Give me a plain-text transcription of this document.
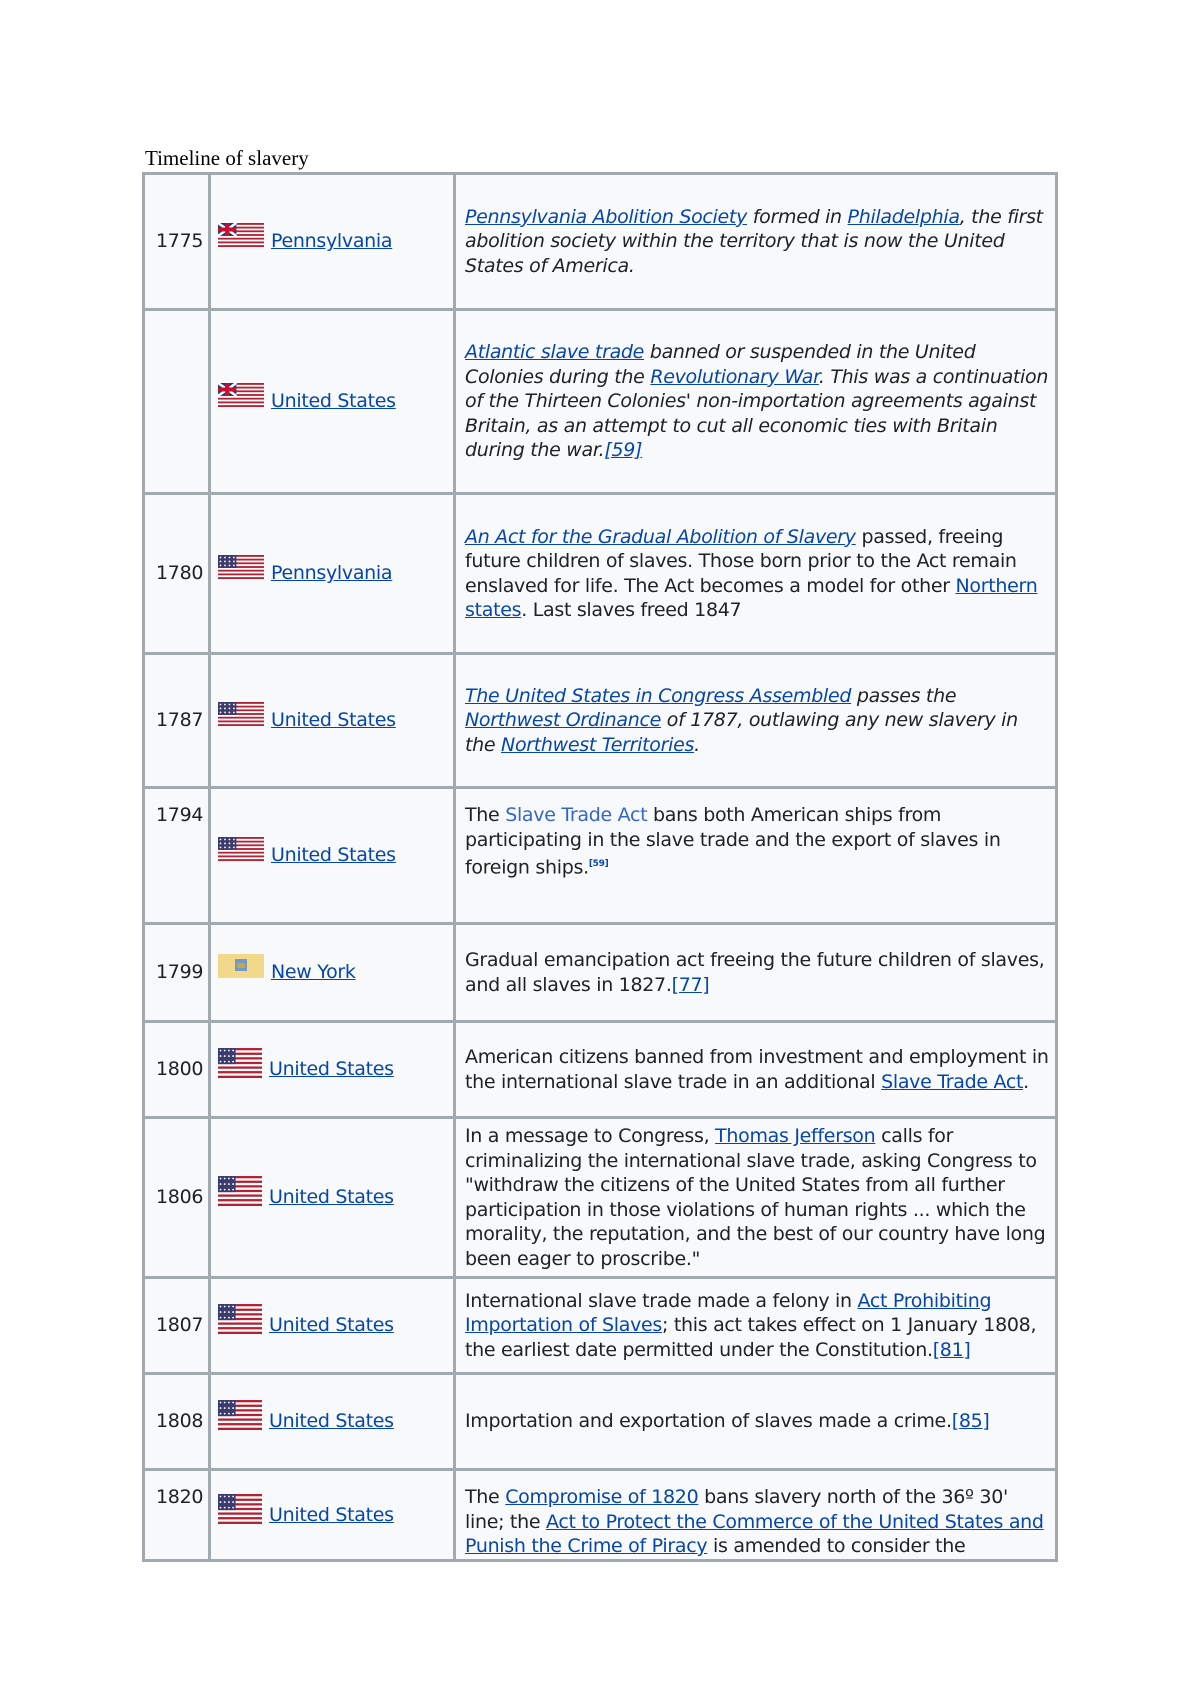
Timeline of slavery
1775	Pennsylvania	Pennsylvania Abolition Society formed in Philadelphia, the first abolition society within the territory that is now the United States of America.
	United States	Atlantic slave trade banned or suspended in the United Colonies during the Revolutionary War. This was a continuation of the Thirteen Colonies' non-importation agreements against Britain, as an attempt to cut all economic ties with Britain during the war.[59]
1780	Pennsylvania	An Act for the Gradual Abolition of Slavery passed, freeing future children of slaves. Those born prior to the Act remain enslaved for life. The Act becomes a model for other Northern states. Last slaves freed 1847
1787	United States	The United States in Congress Assembled passes the Northwest Ordinance of 1787, outlawing any new slavery in the Northwest Territories.
1794	United States	The Slave Trade Act bans both American ships from participating in the slave trade and the export of slaves in foreign ships.[59]
1799	New York	Gradual emancipation act freeing the future children of slaves, and all slaves in 1827.[77]
1800	United States	American citizens banned from investment and employment in the international slave trade in an additional Slave Trade Act.
1806	United States	In a message to Congress, Thomas Jefferson calls for criminalizing the international slave trade, asking Congress to "withdraw the citizens of the United States from all further participation in those violations of human rights ... which the morality, the reputation, and the best of our country have long been eager to proscribe."
1807	United States	International slave trade made a felony in Act Prohibiting Importation of Slaves; this act takes effect on 1 January 1808, the earliest date permitted under the Constitution.[81]
1808	United States	Importation and exportation of slaves made a crime.[85]
1820	United States	The Compromise of 1820 bans slavery north of the 36º 30' line; the Act to Protect the Commerce of the United States and Punish the Crime of Piracy is amended to consider the
